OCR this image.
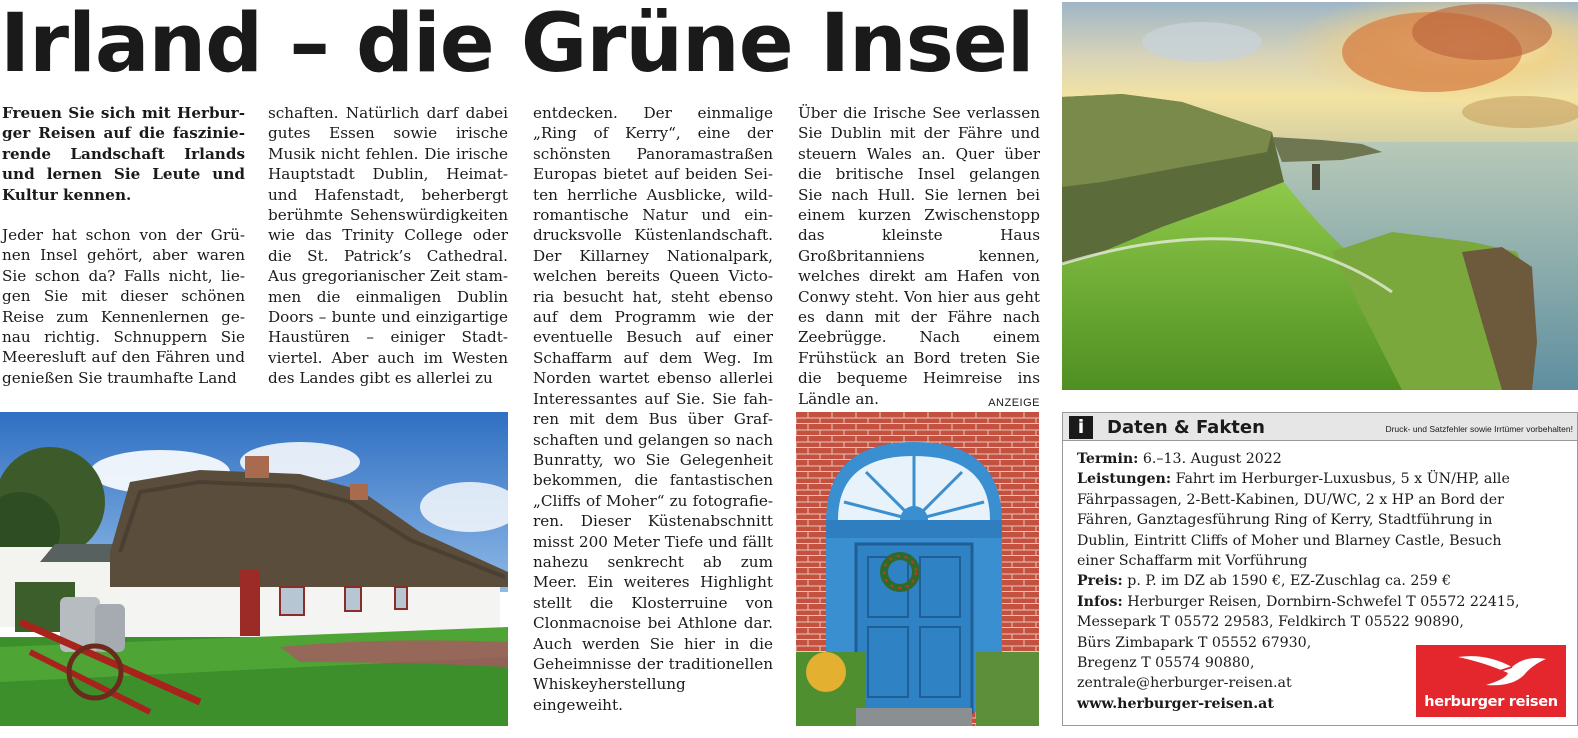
Irland – die Grüne Insel

Freuen Sie sich mit Herburger Reisen auf die faszinierende Landschaft Irlands und lernen Sie Leute und Kultur kennen.

Jeder hat schon von der Grünen Insel gehört, aber waren Sie schon da? Falls nicht, liegen Sie mit dieser schönen Reise zum Kennenlernen genau richtig. Schnuppern Sie Meeresluft auf den Fähren und genießen Sie traumhafte Land

schaften. Natürlich darf dabei gutes Essen sowie irische Musik nicht fehlen. Die irische Hauptstadt Dublin, Heimat- und Hafenstadt, beherbergt berühmte Sehenswürdigkeiten wie das Trinity College oder die St. Patrick’s Cathedral. Aus gregorianischer Zeit stammen die einmaligen Dublin Doors – bunte und einzigartige Haustüren – einiger Stadtviertel. Aber auch im Westen des Landes gibt es allerlei zu

entdecken. Der einmalige „Ring of Kerry“, eine der schönsten Panoramastraßen Europas bietet auf beiden Seiten herrliche Ausblicke, wildromantische Natur und eindrucksvolle Küstenlandschaft. Der Killarney Nationalpark, welchen bereits Queen Victoria besucht hat, steht ebenso auf dem Programm wie der eventuelle Besuch auf einer Schaffarm auf dem Weg. Im Norden wartet ebenso allerlei Interessantes auf Sie. Sie fahren mit dem Bus über Grafschaften und gelangen so nach Bunratty, wo Sie Gelegenheit bekommen, die fantastischen „Cliffs of Moher“ zu fotografieren. Dieser Küstenabschnitt misst 200 Meter Tiefe und fällt nahezu senkrecht ab zum Meer. Ein weiteres Highlight stellt die Klosterruine von Clonmacnoise bei Athlone dar. Auch werden Sie hier in die Geheimnisse der traditionellen Whiskeyherstellung eingeweiht.

Über die Irische See verlassen Sie Dublin mit der Fähre und steuern Wales an. Quer über die britische Insel gelangen Sie nach Hull. Sie lernen bei einem kurzen Zwischenstopp das kleinste Haus Großbritanniens kennen, welches direkt am Hafen von Conwy steht. Von hier aus geht es dann mit der Fähre nach Zeebrügge. Nach einem Frühstück an Bord treten Sie die bequeme Heimreise ins Ländle an.	ANZEIGE

i	Daten & Fakten	Druck- und Satzfehler sowie Irrtümer vorbehalten!

Termin: 6.–13. August 2022

Leistungen: Fahrt im Herburger-Luxusbus, 5 x ÜN/HP, alle Fährpassagen, 2-Bett-Kabinen, DU/WC, 2 x HP an Bord der Fähren, Ganztagesführung Ring of Kerry, Stadtführung in Dublin, Eintritt Cliffs of Moher und Blarney Castle, Besuch einer Schaffarm mit Vorführung

Preis: p. P. im DZ ab 1590 €, EZ-Zuschlag ca. 259 €

Infos: Herburger Reisen, Dornbirn-Schwefel T 05572 22415,

Messepark T 05572 29583, Feldkirch T 05522 90890,

Bürs Zimbapark T 05552 67930,

Bregenz T 05574 90880,

zentrale@herburger-reisen.at

www.herburger-reisen.at	herburger reisen
